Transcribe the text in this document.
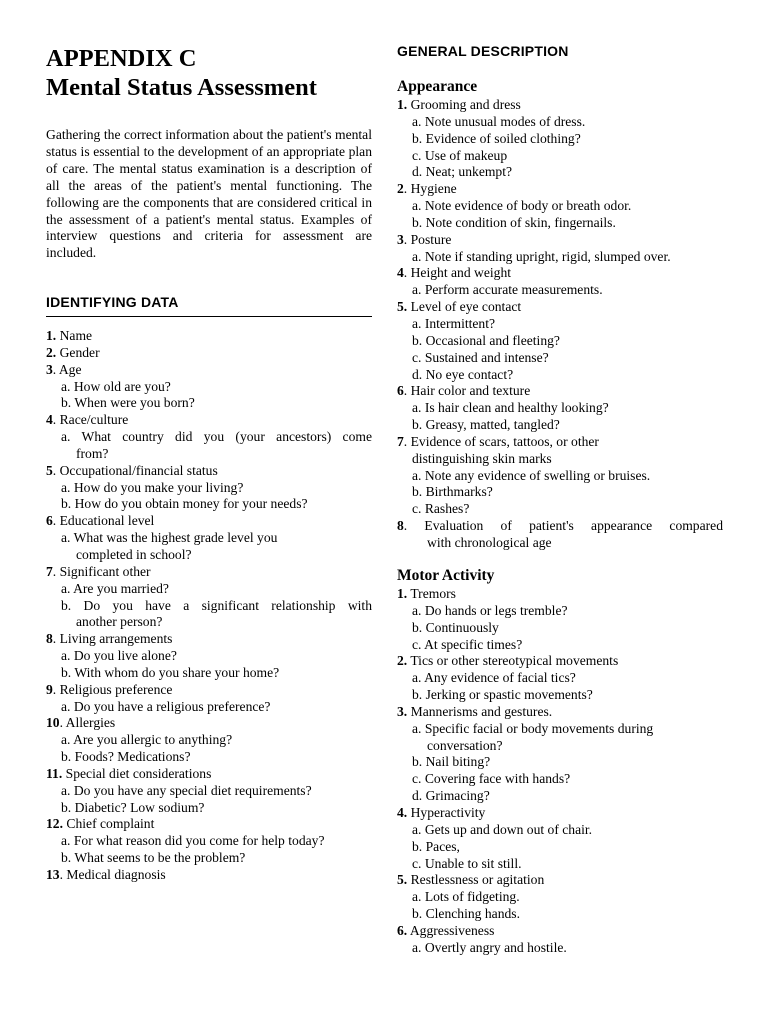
APPENDIX C
Mental Status Assessment
Gathering the correct information about the patient's mental status is essential to the development of an appropriate plan of care. The mental status examination is a description of all the areas of the patient's mental functioning. The following are the components that are considered critical in the assessment of a patient's mental status. Examples of interview questions and criteria for assessment are included.
IDENTIFYING DATA
1. Name
2. Gender
3. Age
a. How old are you?
b. When were you born?
4. Race/culture
a. What country did you (your ancestors) come
from?
5. Occupational/financial status
a. How do you make your living?
b. How do you obtain money for your needs?
6. Educational level
a. What was the highest grade level you
completed in school?
7. Significant other
a. Are you married?
b. Do you have a significant relationship with
another person?
8. Living arrangements
a. Do you live alone?
b. With whom do you share your home?
9. Religious preference
a. Do you have a religious preference?
10. Allergies
a. Are you allergic to anything?
b. Foods? Medications?
11. Special diet considerations
a. Do you have any special diet requirements?
b. Diabetic? Low sodium?
12. Chief complaint
a. For what reason did you come for help today?
b. What seems to be the problem?
13. Medical diagnosis
GENERAL DESCRIPTION
Appearance
1. Grooming and dress
a. Note unusual modes of dress.
b. Evidence of soiled clothing?
c. Use of makeup
d. Neat; unkempt?
2. Hygiene
a. Note evidence of body or breath odor.
b. Note condition of skin, fingernails.
3. Posture
a. Note if standing upright, rigid, slumped over.
4. Height and weight
a. Perform accurate measurements.
5. Level of eye contact
a. Intermittent?
b. Occasional and fleeting?
c. Sustained and intense?
d. No eye contact?
6. Hair color and texture
a. Is hair clean and healthy looking?
b. Greasy, matted, tangled?
7. Evidence of scars, tattoos, or other
distinguishing skin marks
a. Note any evidence of swelling or bruises.
b. Birthmarks?
c. Rashes?
8. Evaluation of patient's appearance compared
with chronological age
Motor Activity
1. Tremors
a. Do hands or legs tremble?
b. Continuously
c. At specific times?
2. Tics or other stereotypical movements
a. Any evidence of facial tics?
b. Jerking or spastic movements?
3. Mannerisms and gestures.
a. Specific facial or body movements during
conversation?
b. Nail biting?
c. Covering face with hands?
d. Grimacing?
4. Hyperactivity
a. Gets up and down out of chair.
b. Paces,
c. Unable to sit still.
5. Restlessness or agitation
a. Lots of fidgeting.
b. Clenching hands.
6. Aggressiveness
a. Overtly angry and hostile.
